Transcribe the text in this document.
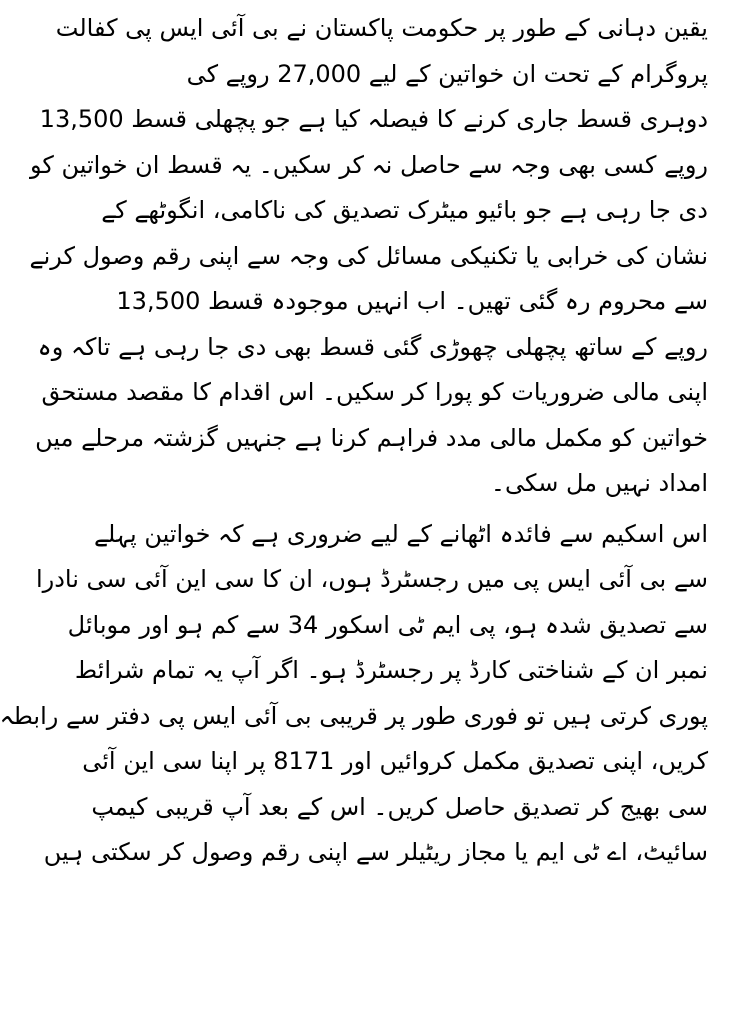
یقین دہانی کے طور پر حکومت پاکستان نے بی آئی ایس پی کفالت
پروگرام کے تحت ان خواتین کے لیے 27,000 روپے کی
دوہری قسط جاری کرنے کا فیصلہ کیا ہے جو پچھلی قسط 13,500
روپے کسی بھی وجہ سے حاصل نہ کر سکیں۔ یہ قسط ان خواتین کو
دی جا رہی ہے جو بائیو میٹرک تصدیق کی ناکامی، انگوٹھے کے
نشان کی خرابی یا تکنیکی مسائل کی وجہ سے اپنی رقم وصول کرنے
سے محروم رہ گئی تھیں۔ اب انہیں موجودہ قسط 13,500
روپے کے ساتھ پچھلی چھوڑی گئی قسط بھی دی جا رہی ہے تاکہ وہ
اپنی مالی ضروریات کو پورا کر سکیں۔ اس اقدام کا مقصد مستحق
خواتین کو مکمل مالی مدد فراہم کرنا ہے جنہیں گزشتہ مرحلے میں
امداد نہیں مل سکی۔
اس اسکیم سے فائدہ اٹھانے کے لیے ضروری ہے کہ خواتین پہلے
سے بی آئی ایس پی میں رجسٹرڈ ہوں، ان کا سی این آئی سی نادرا
سے تصدیق شدہ ہو، پی ایم ٹی اسکور 34 سے کم ہو اور موبائل
نمبر ان کے شناختی کارڈ پر رجسٹرڈ ہو۔ اگر آپ یہ تمام شرائط
پوری کرتی ہیں تو فوری طور پر قریبی بی آئی ایس پی دفتر سے رابطہ
کریں، اپنی تصدیق مکمل کروائیں اور 8171 پر اپنا سی این آئی
سی بھیج کر تصدیق حاصل کریں۔ اس کے بعد آپ قریبی کیمپ
سائیٹ، اے ٹی ایم یا مجاز ریٹیلر سے اپنی رقم وصول کر سکتی ہیں
